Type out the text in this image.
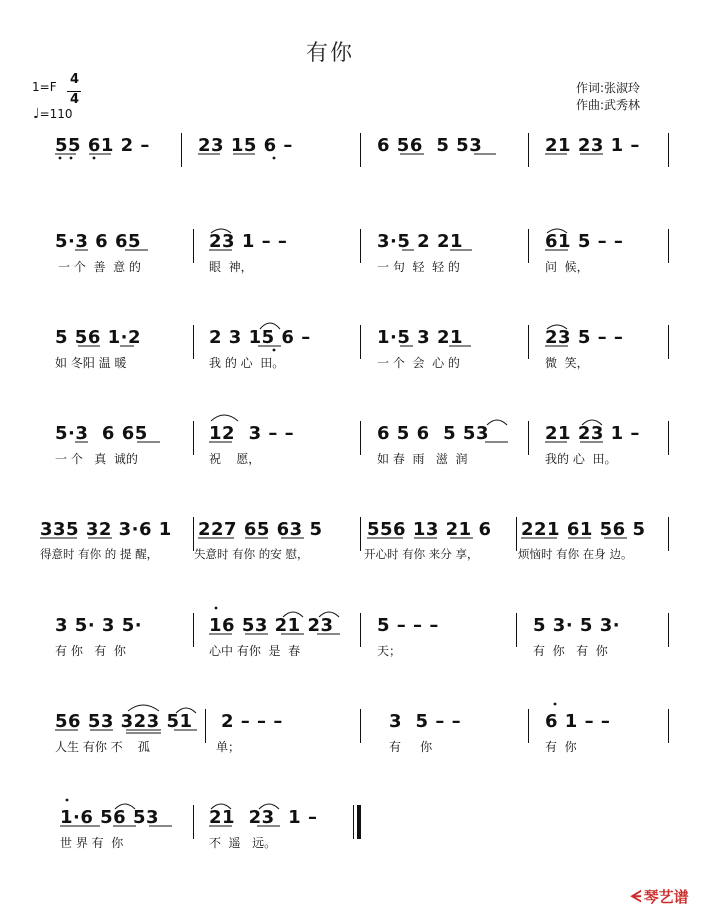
有你
1=F 4
4
♩=110
作词:张淑玲
作曲:武秀林
55 61 2 –	23 15 6 –	6 56  5 53	21 23 1 –
5·3 6 65
一 个  善  意 的
23 1 – –
眼  神，
3·5 2 21
一 句  轻  轻 的
61 5 – –
问  候，
5 56 1·2
如 冬阳 温 暖
2 3 15 6 –
我 的 心  田。
1·5 3 21
一 个  会  心 的
23 5 – –
微  笑，
5·3  6 65
一 个   真  诚的
12  3 – –
祝    愿，
6 5 6  5 53
如 春  雨   滋  润
21 23 1 –
我的 心  田。
335 32 3·6 1
得意时 有你 的 提 醒，
227 65 63 5
失意时 有你 的安 慰，
556 13 21 6
开心时 有你 来分 享，
221 61 56 5
烦恼时 有你 在身 边。
3 5· 3 5·
有 你   有  你
16 53 21 23
心中 有你  是  春
5 – – –
天；
5 3· 5 3·
有  你   有  你
56 53 323 51
人生 有你 不    孤
2 – – –
单；
3  5 – –
有     你
6 1 – –
有  你
1·6 56 53
世 界 有  你
21  23  1 –
不  遥   远。
ᗕ 琴艺谱
